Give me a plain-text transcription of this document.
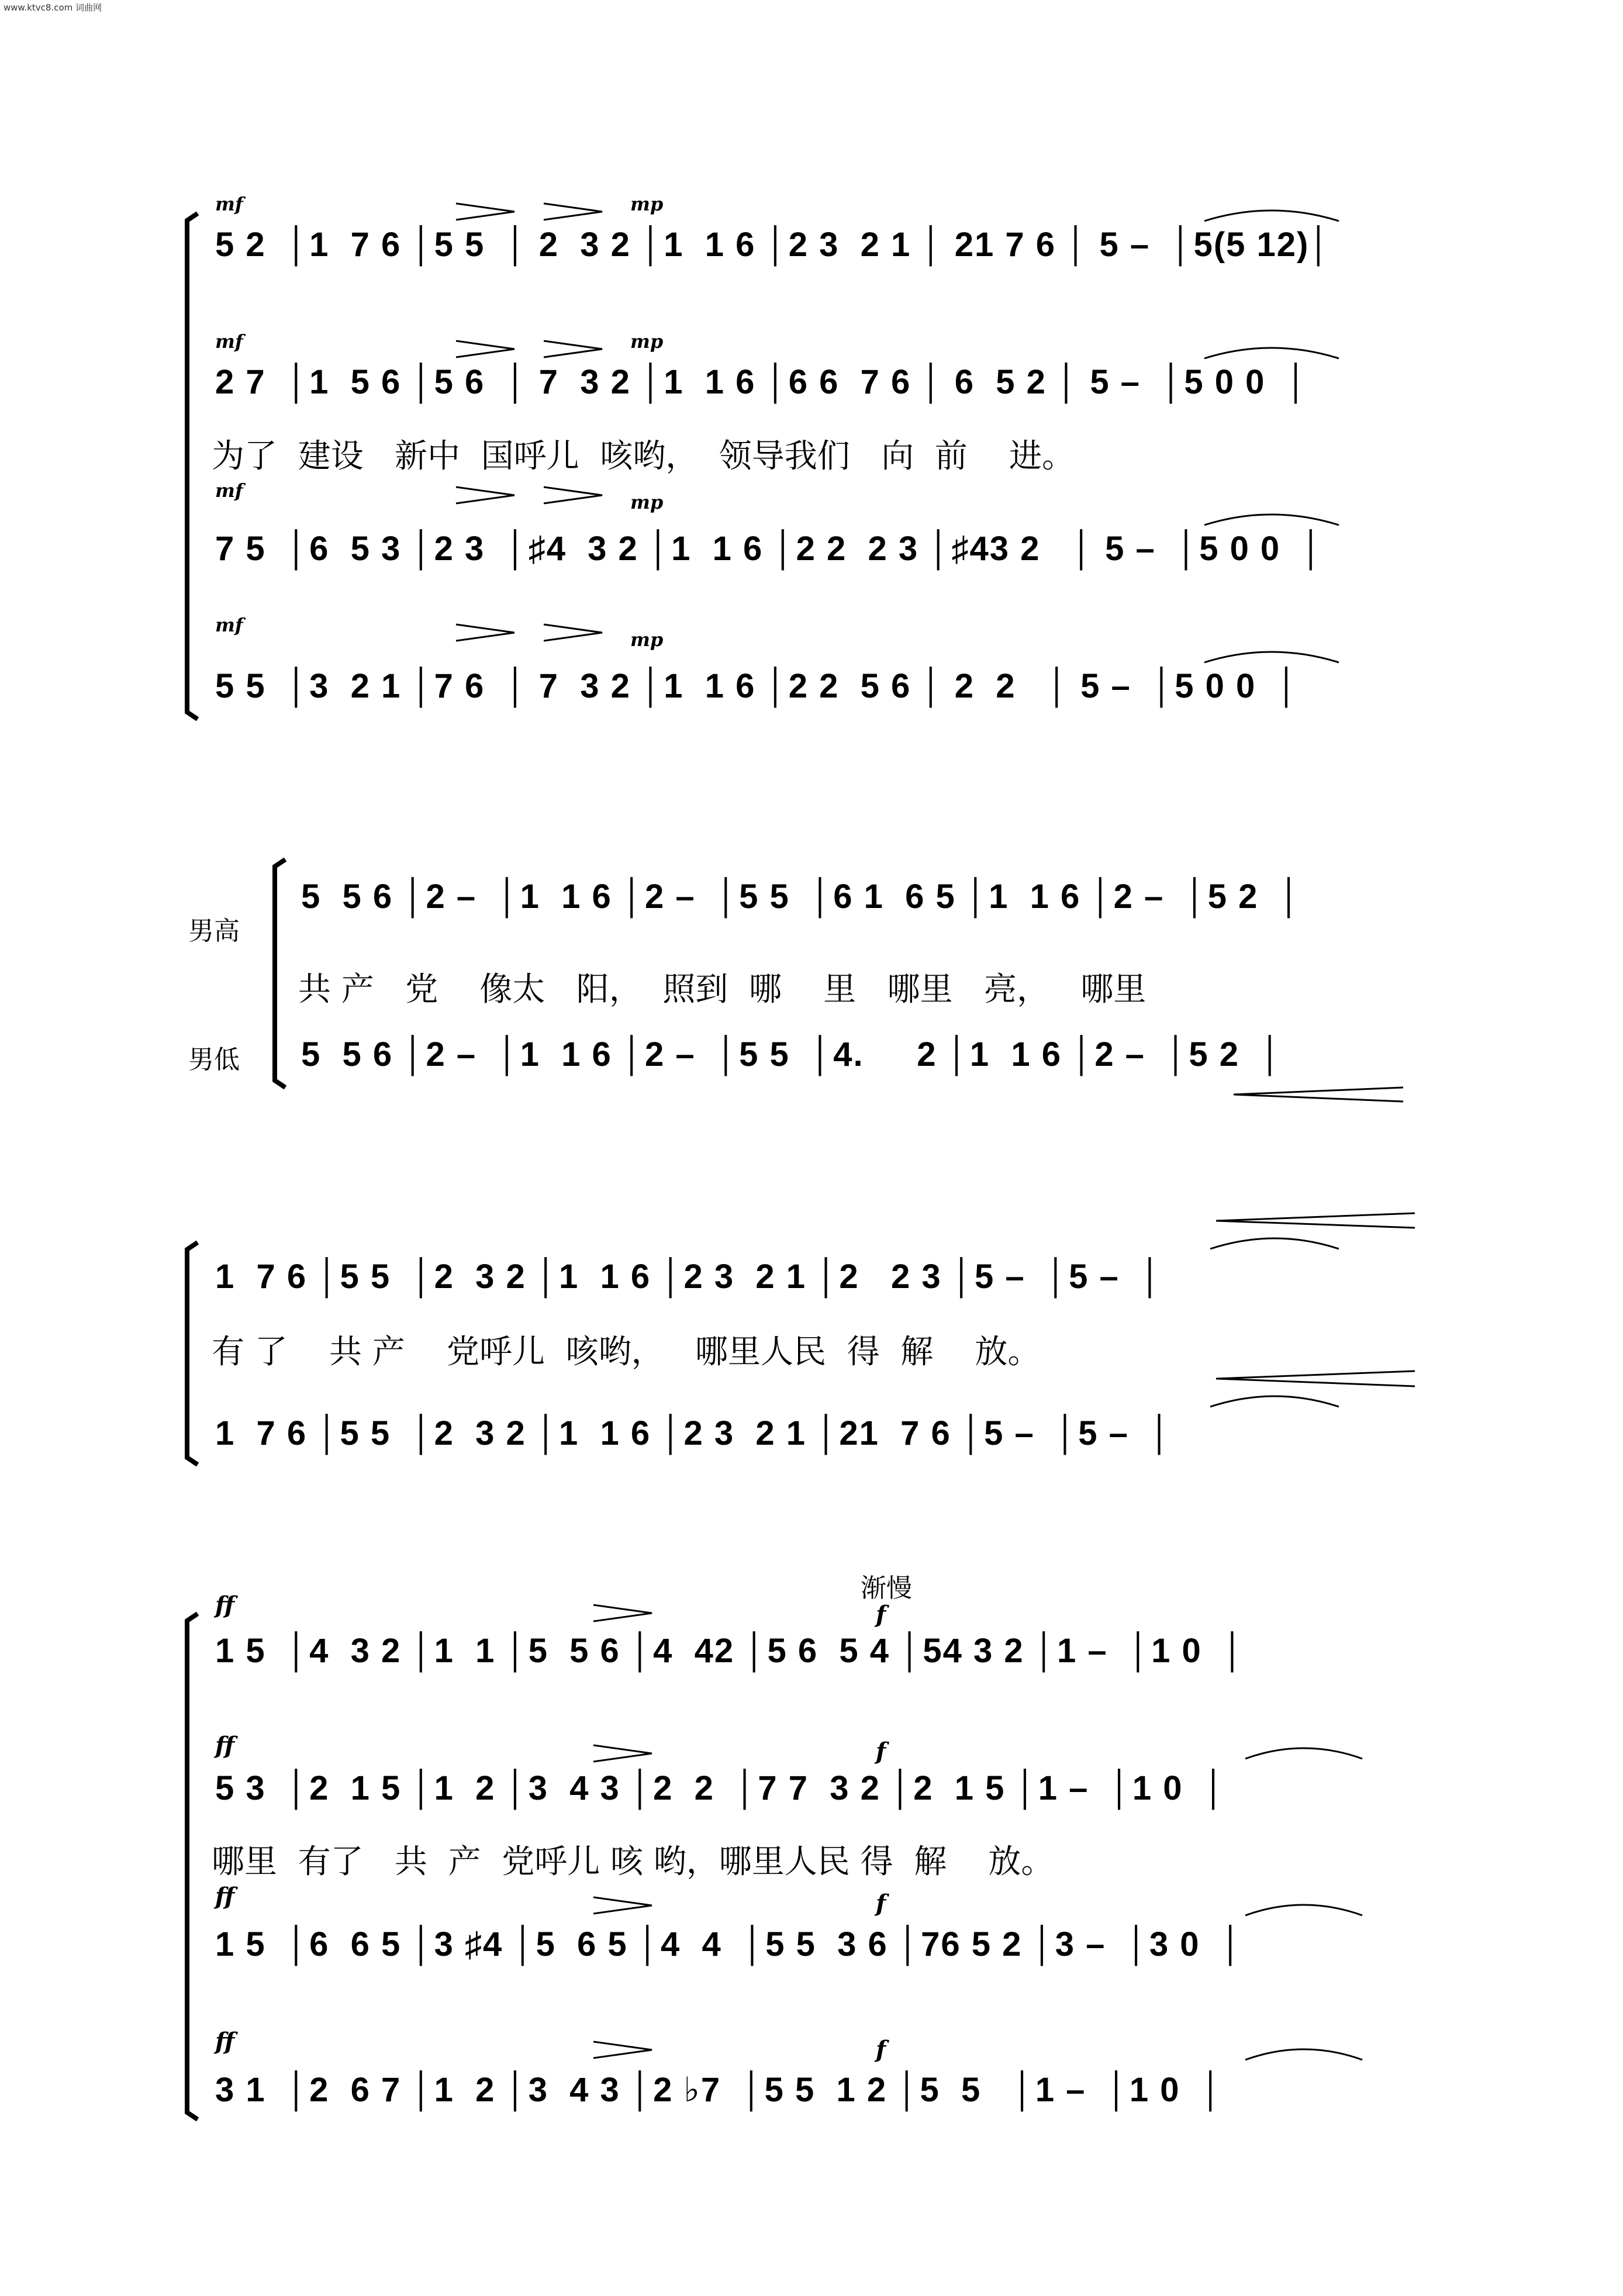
www.ktvc8.com 词曲网
mf	mp
5 2  │1  7 6 │5 5  │ 2  3 2 │1  1 6 │2 3  2 1 │ 21 7 6 │ 5 –  │5(5 12)│
mf	mp
2 7  │1  5 6 │5 6  │ 7  3 2 │1  1 6 │6 6  7 6 │ 6  5 2 │ 5 –  │5 0 0  │
为了  建设   新中  国呼儿  咳哟，  领导我们   向  前    进。
mf
mp
7 5  │6  5 3 │2 3  │♯4  3 2 │1  1 6 │2 2  2 3 │♯43 2   │ 5 –  │5 0 0  │
mf
mp
5 5  │3  2 1 │7 6  │ 7  3 2 │1  1 6 │2 2  5 6 │ 2  2   │ 5 –  │5 0 0  │
男高
男低
5  5 6 │2 –  │1  1 6 │2 –  │5 5  │6 1  6 5 │1  1 6 │2 –  │5 2  │
共 产   党    像太   阳，  照到  哪    里   哪里   亮，   哪里
5  5 6 │2 –  │1  1 6 │2 –  │5 5  │4.     2 │1  1 6 │2 –  │5 2  │
1  7 6 │5 5  │2  3 2 │1  1 6 │2 3  2 1 │2   2 3 │5 –  │5 –  │
有 了    共 产    党呼儿  咳哟，   哪里人民  得  解    放。
1  7 6 │5 5  │2  3 2 │1  1 6 │2 3  2 1 │21  7 6 │5 –  │5 –  │
渐慢
ff	f
1 5  │4  3 2 │1  1 │5  5 6 │4  42 │5 6  5 4 │54 3 2 │1 –  │1 0  │
ff	f
5 3  │2  1 5 │1  2 │3  4 3 │2  2  │7 7  3 2 │2  1 5 │1 –  │1 0  │
哪里  有了   共  产  党呼儿 咳 哟，哪里人民 得  解    放。
ff	f
1 5  │6  6 5 │3 ♯4 │5  6 5 │4  4  │5 5  3 6 │76 5 2 │3 –  │3 0  │
ff	f
3 1  │2  6 7 │1  2 │3  4 3 │2 ♭7  │5 5  1 2 │5  5   │1 –  │1 0  │
